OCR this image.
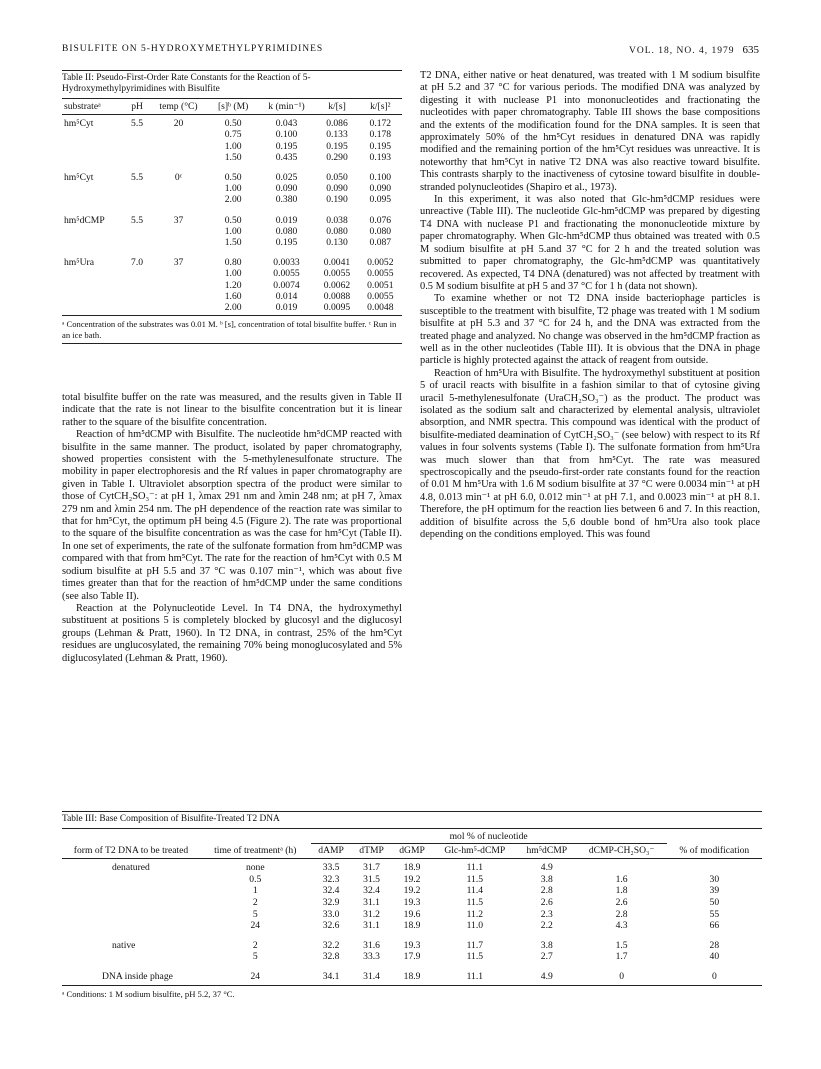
BISULFITE ON 5-HYDROXYMETHYLPYRIMIDINES	VOL. 18, NO. 4, 1979 635
Table II: Pseudo-First-Order Rate Constants for the Reaction of 5-Hydroxymethylpyrimidines with Bisulfite
substrateᵃ	pH	temp (°C)	[s]ᵇ (M)	k (min⁻¹)	k/[s]	k/[s]²
hm⁵Cyt	5.5	20	0.50	0.043	0.086	0.172
			0.75	0.100	0.133	0.178
			1.00	0.195	0.195	0.195
			1.50	0.435	0.290	0.193
hm⁵Cyt	5.5	0ᶜ	0.50	0.025	0.050	0.100
			1.00	0.090	0.090	0.090
			2.00	0.380	0.190	0.095
hm⁵dCMP	5.5	37	0.50	0.019	0.038	0.076
			1.00	0.080	0.080	0.080
			1.50	0.195	0.130	0.087
hm⁵Ura	7.0	37	0.80	0.0033	0.0041	0.0052
			1.00	0.0055	0.0055	0.0055
			1.20	0.0074	0.0062	0.0051
			1.60	0.014	0.0088	0.0055
			2.00	0.019	0.0095	0.0048
ᵃ Concentration of the substrates was 0.01 M. ᵇ [s], concentration of total bisulfite buffer. ᶜ Run in an ice bath.

total bisulfite buffer on the rate was measured, and the results given in Table II indicate that the rate is not linear to the bisulfite concentration but it is linear rather to the square of the bisulfite concentration.

Reaction of hm⁵dCMP with Bisulfite. The nucleotide hm⁵dCMP reacted with bisulfite in the same manner. The product, isolated by paper chromatography, showed properties consistent with the 5-methylenesulfonate structure. The mobility in paper electrophoresis and the Rf values in paper chromatography are given in Table I. Ultraviolet absorption spectra of the product were similar to those of CytCH₂SO₃⁻: at pH 1, λmax 291 nm and λmin 248 nm; at pH 7, λmax 279 nm and λmin 254 nm. The pH dependence of the reaction rate was similar to that for hm⁵Cyt, the optimum pH being 4.5 (Figure 2). The rate was proportional to the square of the bisulfite concentration as was the case for hm⁵Cyt (Table II). In one set of experiments, the rate of the sulfonate formation from hm⁵dCMP was compared with that from hm⁵Cyt. The rate for the reaction of hm⁵Cyt with 0.5 M sodium bisulfite at pH 5.5 and 37 °C was 0.107 min⁻¹, which was about five times greater than that for the reaction of hm⁵dCMP under the same conditions (see also Table II).

Reaction at the Polynucleotide Level. In T4 DNA, the hydroxymethyl substituent at positions 5 is completely blocked by glucosyl and the diglucosyl groups (Lehman & Pratt, 1960). In T2 DNA, in contrast, 25% of the hm⁵Cyt residues are unglucosylated, the remaining 70% being monoglucosylated and 5% diglucosylated (Lehman & Pratt, 1960).

T2 DNA, either native or heat denatured, was treated with 1 M sodium bisulfite at pH 5.2 and 37 °C for various periods. The modified DNA was analyzed by digesting it with nuclease P1 into mononucleotides and fractionating the nucleotides with paper chromatography. Table III shows the base compositions and the extents of the modification found for the DNA samples. It is seen that approximately 50% of the hm⁵Cyt residues in denatured DNA was rapidly modified and the remaining portion of the hm⁵Cyt residues was unreactive. It is noteworthy that hm⁵Cyt in native T2 DNA was also reactive toward bisulfite. This contrasts sharply to the inactiveness of cytosine toward bisulfite in double-stranded polynucleotides (Shapiro et al., 1973).

In this experiment, it was also noted that Glc-hm⁵dCMP residues were unreactive (Table III). The nucleotide Glc-hm⁵dCMP was prepared by digesting T4 DNA with nuclease P1 and fractionating the mononucleotide mixture by paper chromatography. When Glc-hm⁵dCMP thus obtained was treated with 0.5 M sodium bisulfite at pH 5.and 37 °C for 2 h and the treated solution was submitted to paper chromatography, the Glc-hm⁵dCMP was quantitatively recovered. As expected, T4 DNA (denatured) was not affected by treatment with 0.5 M sodium bisulfite at pH 5 and 37 °C for 1 h (data not shown).

To examine whether or not T2 DNA inside bacteriophage particles is susceptible to the treatment with bisulfite, T2 phage was treated with 1 M sodium bisulfite at pH 5.3 and 37 °C for 24 h, and the DNA was extracted from the treated phage and analyzed. No change was observed in the hm⁵dCMP fraction as well as in the other nucleotides (Table III). It is obvious that the DNA in phage particle is highly protected against the attack of reagent from outside.

Reaction of hm⁵Ura with Bisulfite. The hydroxymethyl substituent at position 5 of uracil reacts with bisulfite in a fashion similar to that of cytosine giving uracil 5-methylenesulfonate (UraCH₂SO₃⁻) as the product. The product was isolated as the sodium salt and characterized by elemental analysis, ultraviolet absorption, and NMR spectra. This compound was identical with the product of bisulfite-mediated deamination of CytCH₂SO₃⁻ (see below) with respect to its Rf values in four solvents systems (Table I). The sulfonate formation from hm⁵Ura was much slower than that from hm⁵Cyt. The rate was measured spectroscopically and the pseudo-first-order rate constants found for the reaction of 0.01 M hm⁵Ura with 1.6 M sodium bisulfite at 37 °C were 0.0034 min⁻¹ at pH 4.8, 0.013 min⁻¹ at pH 6.0, 0.012 min⁻¹ at pH 7.1, and 0.0023 min⁻¹ at pH 8.1. Therefore, the pH optimum for the reaction lies between 6 and 7. In this reaction, addition of bisulfite across the 5,6 double bond of hm⁵Ura also took place depending on the conditions employed. This was found

Table III: Base Composition of Bisulfite-Treated T2 DNA
		mol % of nucleotide						
form of T2 DNA to be treated	time of treatmentᵃ (h)	dAMP	dTMP	dGMP	Glc-hm⁵-dCMP	hm⁵dCMP	dCMP-CH₂SO₃⁻	% of modification
denatured	none	33.5	31.7	18.9	11.1	4.9		
	0.5	32.3	31.5	19.2	11.5	3.8	1.6	30
	1	32.4	32.4	19.2	11.4	2.8	1.8	39
	2	32.9	31.1	19.3	11.5	2.6	2.6	50
	5	33.0	31.2	19.6	11.2	2.3	2.8	55
	24	32.6	31.1	18.9	11.0	2.2	4.3	66
native	2	32.2	31.6	19.3	11.7	3.8	1.5	28
	5	32.8	33.3	17.9	11.5	2.7	1.7	40
DNA inside phage	24	34.1	31.4	18.9	11.1	4.9	0	0
ᵃ Conditions: 1 M sodium bisulfite, pH 5.2, 37 °C.
